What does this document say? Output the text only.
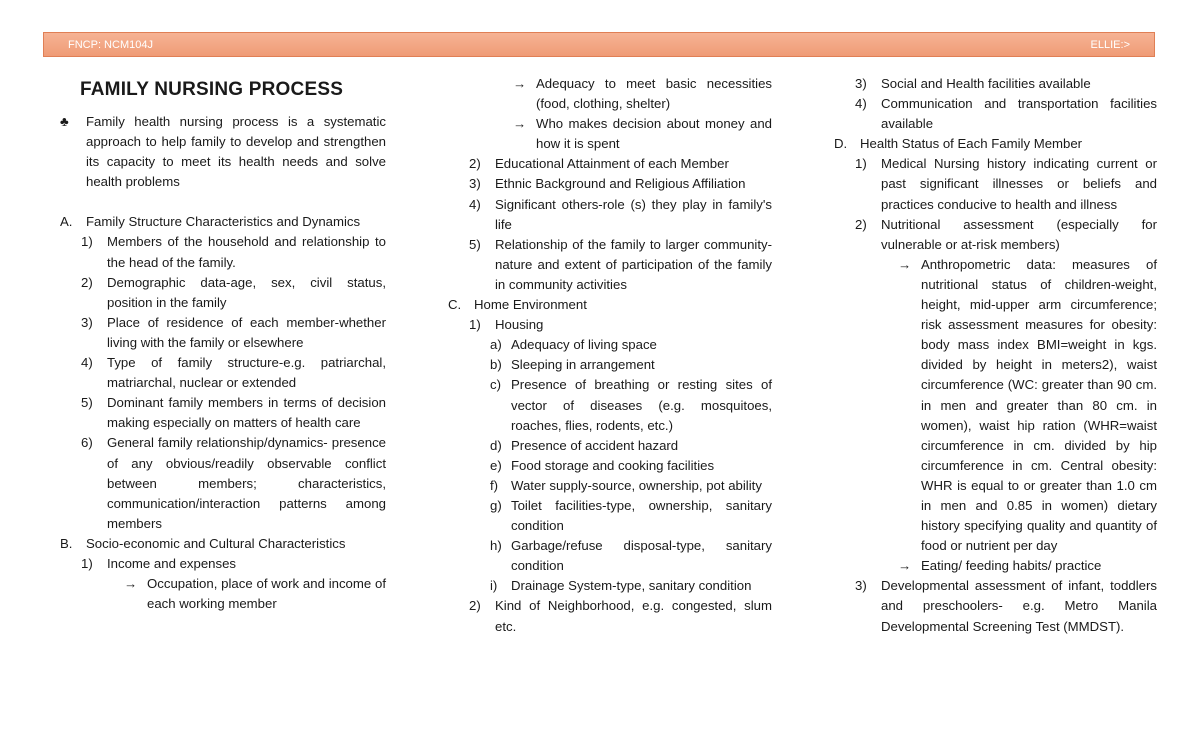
FNCP: NCM104J	ELLIE:>
FAMILY NURSING PROCESS
♣	Family health nursing process is a systematic approach to help family to develop and strengthen its capacity to meet its health needs and solve health problems
A.	Family Structure Characteristics and Dynamics
1)	Members of the household and relationship to the head of the family.
2)	Demographic data-age, sex, civil status, position in the family
3)	Place of residence of each member-whether living with the family or elsewhere
4)	Type of family structure-e.g. patriarchal, matriarchal, nuclear or extended
5)	Dominant family members in terms of decision making especially on matters of health care
6)	General family relationship/dynamics- presence of any obvious/readily observable conflict between members; characteristics, communication/interaction patterns among members
B.	Socio-economic and Cultural Characteristics
1)	Income and expenses
→ Occupation, place of work and income of each working member
→ Adequacy to meet basic necessities (food, clothing, shelter)
→ Who makes decision about money and how it is spent
2)	Educational Attainment of each Member
3)	Ethnic Background and Religious Affiliation
4)	Significant others-role (s) they play in family's life
5)	Relationship of the family to larger community-nature and extent of participation of the family in community activities
C. Home Environment
1)	Housing
a) Adequacy of living space
b) Sleeping in arrangement
c) Presence of breathing or resting sites of vector of diseases (e.g. mosquitoes, roaches, flies, rodents, etc.)
d) Presence of accident hazard
e) Food storage and cooking facilities
f) Water supply-source, ownership, pot ability
g) Toilet facilities-type, ownership, sanitary condition
h) Garbage/refuse disposal-type, sanitary condition
i)	Drainage System-type, sanitary condition
2)	Kind of Neighborhood, e.g. congested, slum etc.
3)	Social and Health facilities available
4)	Communication and transportation facilities available
D. Health Status of Each Family Member
1)	Medical Nursing history indicating current or past significant illnesses or beliefs and practices conducive to health and illness
2)	Nutritional assessment (especially for vulnerable or at-risk members)
→ Anthropometric data: measures of nutritional status of children-weight, height, mid-upper arm circumference; risk assessment measures for obesity: body mass index BMI=weight in kgs. divided by height in meters2), waist circumference (WC: greater than 90 cm. in men and greater than 80 cm. in women), waist hip ration (WHR=waist circumference in cm. divided by hip circumference in cm. Central obesity: WHR is equal to or greater than 1.0 cm in men and 0.85 in women) dietary history specifying quality and quantity of food or nutrient per day
→ Eating/ feeding habits/ practice
3)	Developmental assessment of infant, toddlers and preschoolers- e.g. Metro Manila Developmental Screening Test (MMDST).
